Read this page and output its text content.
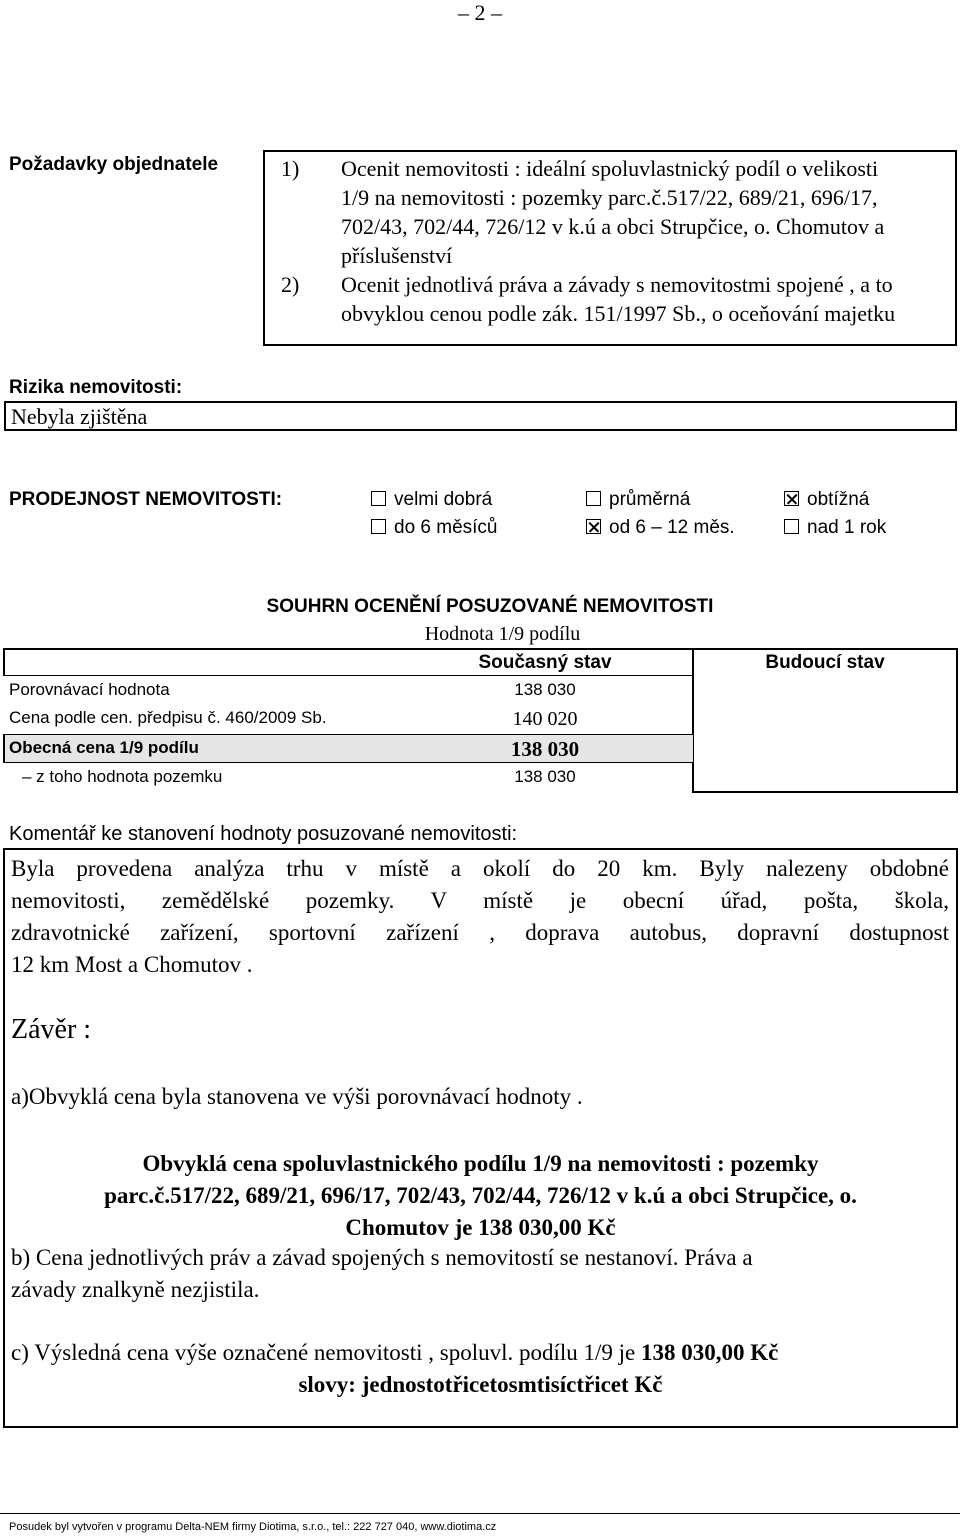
– 2 –
Požadavky objednatele	1)	Ocenit nemovitosti : ideální spoluvlastnický podíl o velikosti
1/9 na nemovitosti : pozemky parc.č.517/22, 689/21, 696/17,
702/43, 702/44, 726/12 v k.ú a obci Strupčice, o. Chomutov a
příslušenství
2)	Ocenit jednotlivá práva a závady s nemovitostmi spojené , a to
obvyklou cenou podle zák. 151/1997 Sb., o oceňování majetku
Rizika nemovitosti:
Nebyla zjištěna
PRODEJNOST NEMOVITOSTI:	velmi dobrá	průměrná	obtížná
do 6 měsíců	od 6 – 12 měs.	nad 1 rok
SOUHRN OCENĚNÍ POSUZOVANÉ NEMOVITOSTI
Hodnota 1/9 podílu
Současný stav	Budoucí stav
Porovnávací hodnota	138 030
Cena podle cen. předpisu č. 460/2009 Sb.	140 020
Obecná cena 1/9 podílu	138 030
– z toho hodnota pozemku	138 030
Komentář ke stanovení hodnoty posuzované nemovitosti:
Byla provedena analýza trhu v místě a okolí do 20 km. Byly nalezeny obdobné
nemovitosti, zemědělské pozemky. V místě je obecní úřad, pošta, škola,
zdravotnické zařízení, sportovní zařízení , doprava autobus, dopravní dostupnost
12 km Most a Chomutov .
Závěr :
a)Obvyklá cena byla stanovena ve výši porovnávací hodnoty .
Obvyklá cena spoluvlastnického podílu 1/9 na nemovitosti : pozemky
parc.č.517/22, 689/21, 696/17, 702/43, 702/44, 726/12 v k.ú a obci Strupčice, o.
Chomutov je 138 030,00 Kč
b) Cena jednotlivých práv a závad spojených s nemovitostí se nestanoví. Práva a
závady znalkyně nezjistila.
c) Výsledná cena výše označené nemovitosti , spoluvl. podílu 1/9 je 138 030,00 Kč
slovy: jednostotřicetosmtisíctřicet Kč
Posudek byl vytvořen v programu Delta-NEM firmy Diotima, s.r.o., tel.: 222 727 040, www.diotima.cz
